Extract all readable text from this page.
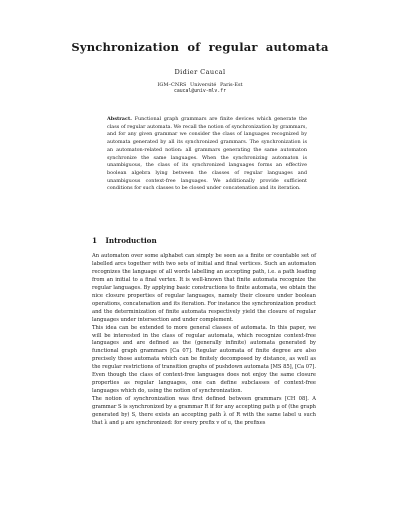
Synchronization of regular automata
Didier Caucal
IGM–CNRS Université Paris-Est
caucal@univ-mlv.fr
Abstract. Functional graph grammars are finite devices which generate the class of regular automata. We recall the notion of synchronization by grammars, and for any given grammar we consider the class of languages recognized by automata generated by all its synchronized grammars. The synchronization is an automaton-related notion: all grammars generating the same automaton synchronize the same languages. When the synchronizing automaton is unambiguous, the class of its synchronized languages forms an effective boolean algebra lying between the classes of regular languages and unambiguous context-free languages. We additionally provide sufficient conditions for such classes to be closed under concatenation and its iteration.
1 Introduction

An automaton over some alphabet can simply be seen as a finite or countable set of labelled arcs together with two sets of initial and final vertices. Such an automaton recognizes the language of all words labelling an accepting path, i.e. a path leading from an initial to a final vertex. It is well-known that finite automata recognize the regular languages. By applying basic constructions to finite automata, we obtain the nice closure properties of regular languages, namely their closure under boolean operations, concatenation and its iteration. For instance the synchronization product and the determinization of finite automata respectively yield the closure of regular languages under intersection and under complement.

This idea can be extended to more general classes of automata. In this paper, we will be interested in the class of regular automata, which recognize context-free languages and are defined as the (generally infinite) automata generated by functional graph grammars [Ca 07]. Regular automata of finite degree are also precisely those automata which can be finitely decomposed by distance, as well as the regular restrictions of transition graphs of pushdown automata [MS 85], [Ca 07]. Even though the class of context-free languages does not enjoy the same closure properties as regular languages, one can define subclasses of context-free languages which do, using the notion of synchronization.

The notion of synchronization was first defined between grammars [CH 08]. A grammar S is synchronized by a grammar R if for any accepting path μ of (the graph generated by) S, there exists an accepting path λ of R with the same label u such that λ and μ are synchronized: for every prefix v of u, the prefixes
